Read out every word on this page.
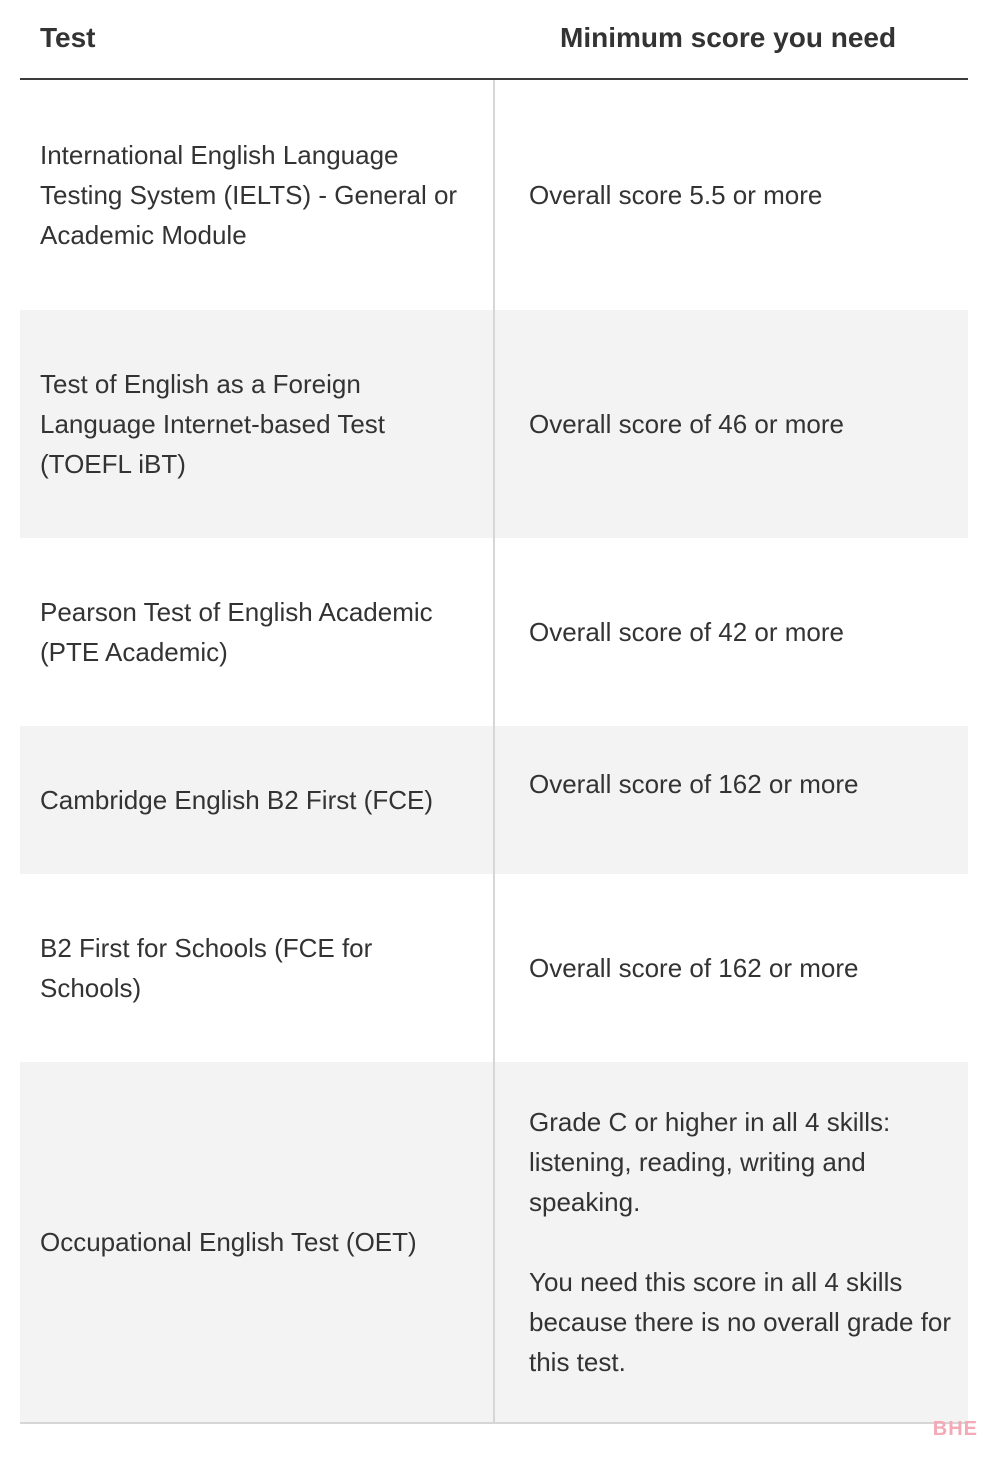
Test	Minimum score you need
International English Language Testing System (IELTS) - General or Academic Module

Overall score 5.5 or more

Test of English as a Foreign Language Internet-based Test (TOEFL iBT)

Overall score of 46 or more

Pearson Test of English Academic (PTE Academic)

Overall score of 42 or more

Cambridge English B2 First (FCE)

Overall score of 162 or more

B2 First for Schools (FCE for Schools)

Overall score of 162 or more

Occupational English Test (OET)

Grade C or higher in all 4 skills: listening, reading, writing and speaking.

You need this score in all 4 skills because there is no overall grade for this test.

BHE
